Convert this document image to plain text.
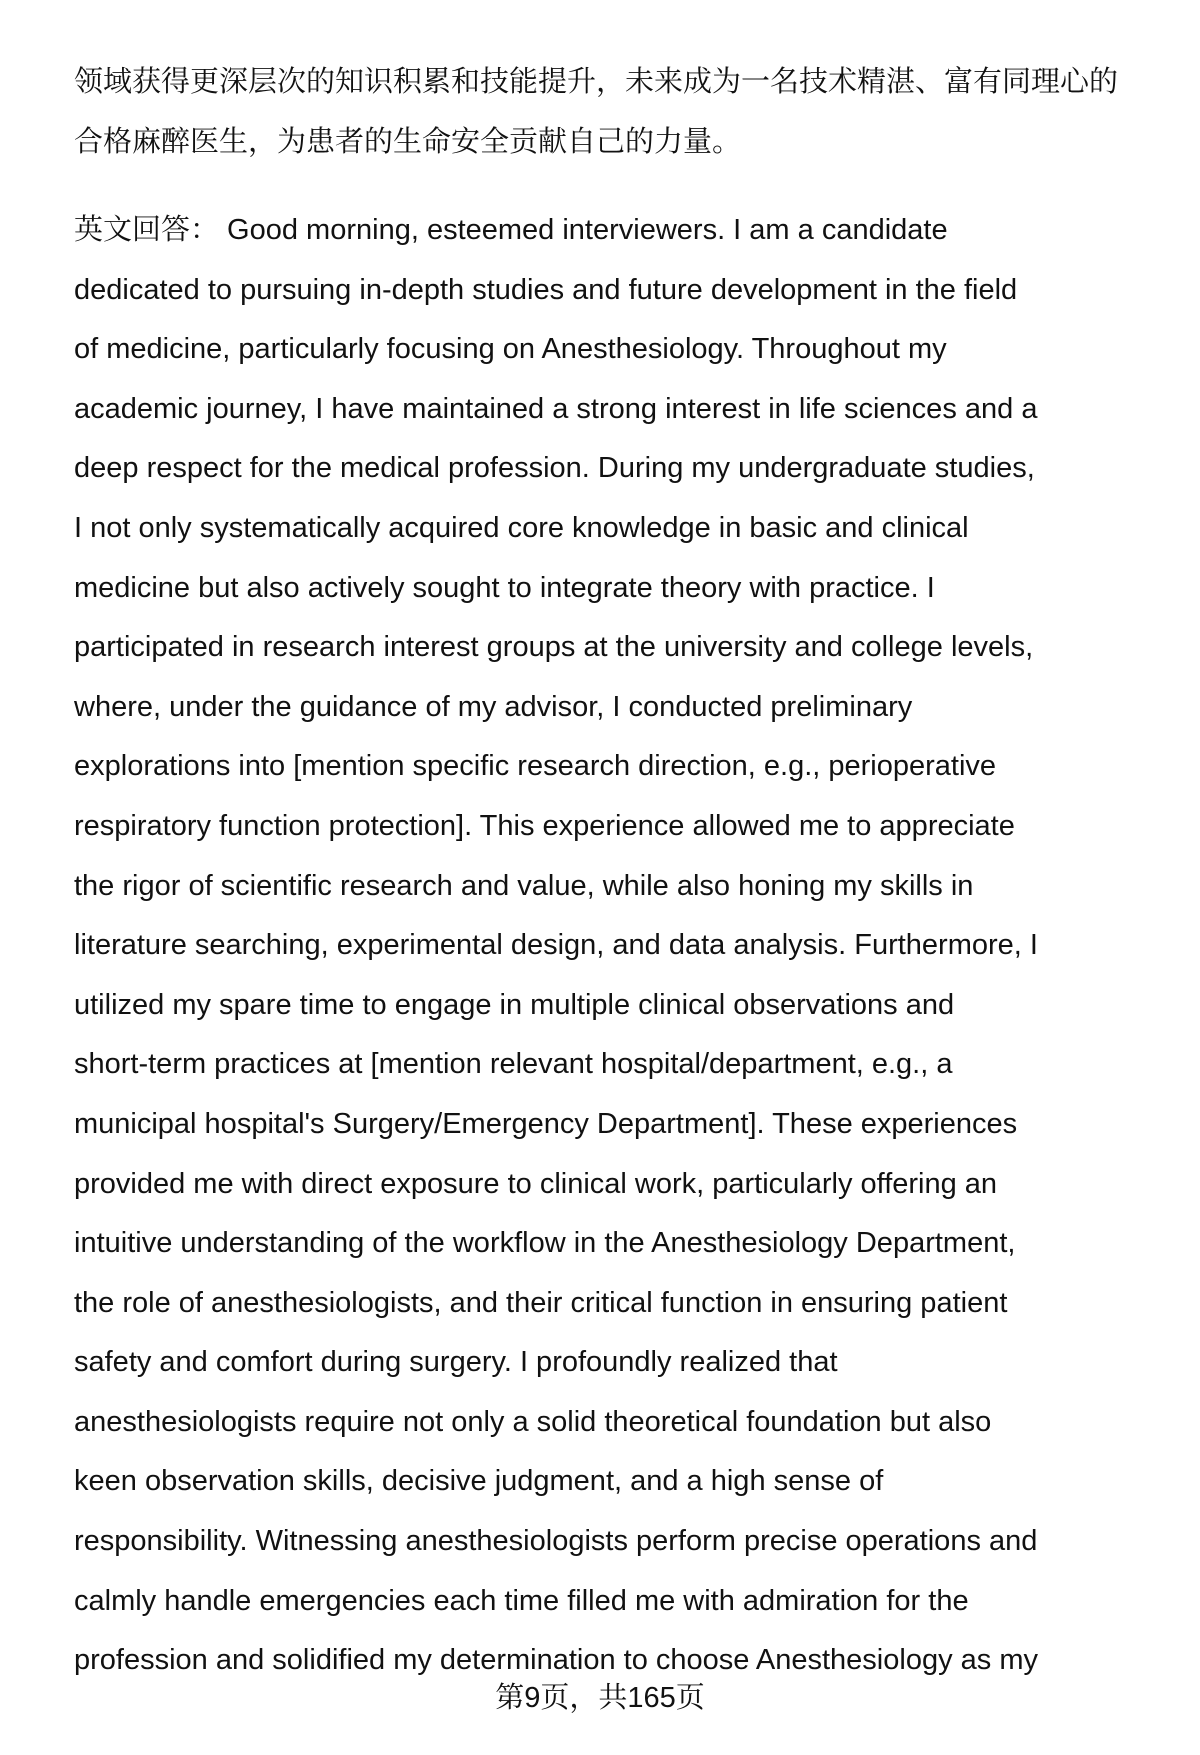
领域获得更深层次的知识积累和技能提升，未来成为一名技术精湛、富有同理心的
合格麻醉医生，为患者的生命安全贡献自己的力量。
英文回答： Good morning, esteemed interviewers. I am a candidate
dedicated to pursuing in-depth studies and future development in the field
of medicine, particularly focusing on Anesthesiology. Throughout my
academic journey, I have maintained a strong interest in life sciences and a
deep respect for the medical profession. During my undergraduate studies,
I not only systematically acquired core knowledge in basic and clinical
medicine but also actively sought to integrate theory with practice. I
participated in research interest groups at the university and college levels,
where, under the guidance of my advisor, I conducted preliminary
explorations into [mention specific research direction, e.g., perioperative
respiratory function protection]. This experience allowed me to appreciate
the rigor of scientific research and value, while also honing my skills in
literature searching, experimental design, and data analysis. Furthermore, I
utilized my spare time to engage in multiple clinical observations and
short-term practices at [mention relevant hospital/department, e.g., a
municipal hospital's Surgery/Emergency Department]. These experiences
provided me with direct exposure to clinical work, particularly offering an
intuitive understanding of the workflow in the Anesthesiology Department,
the role of anesthesiologists, and their critical function in ensuring patient
safety and comfort during surgery. I profoundly realized that
anesthesiologists require not only a solid theoretical foundation but also
keen observation skills, decisive judgment, and a high sense of
responsibility. Witnessing anesthesiologists perform precise operations and
calmly handle emergencies each time filled me with admiration for the
profession and solidified my determination to choose Anesthesiology as my
第9页，共165页
